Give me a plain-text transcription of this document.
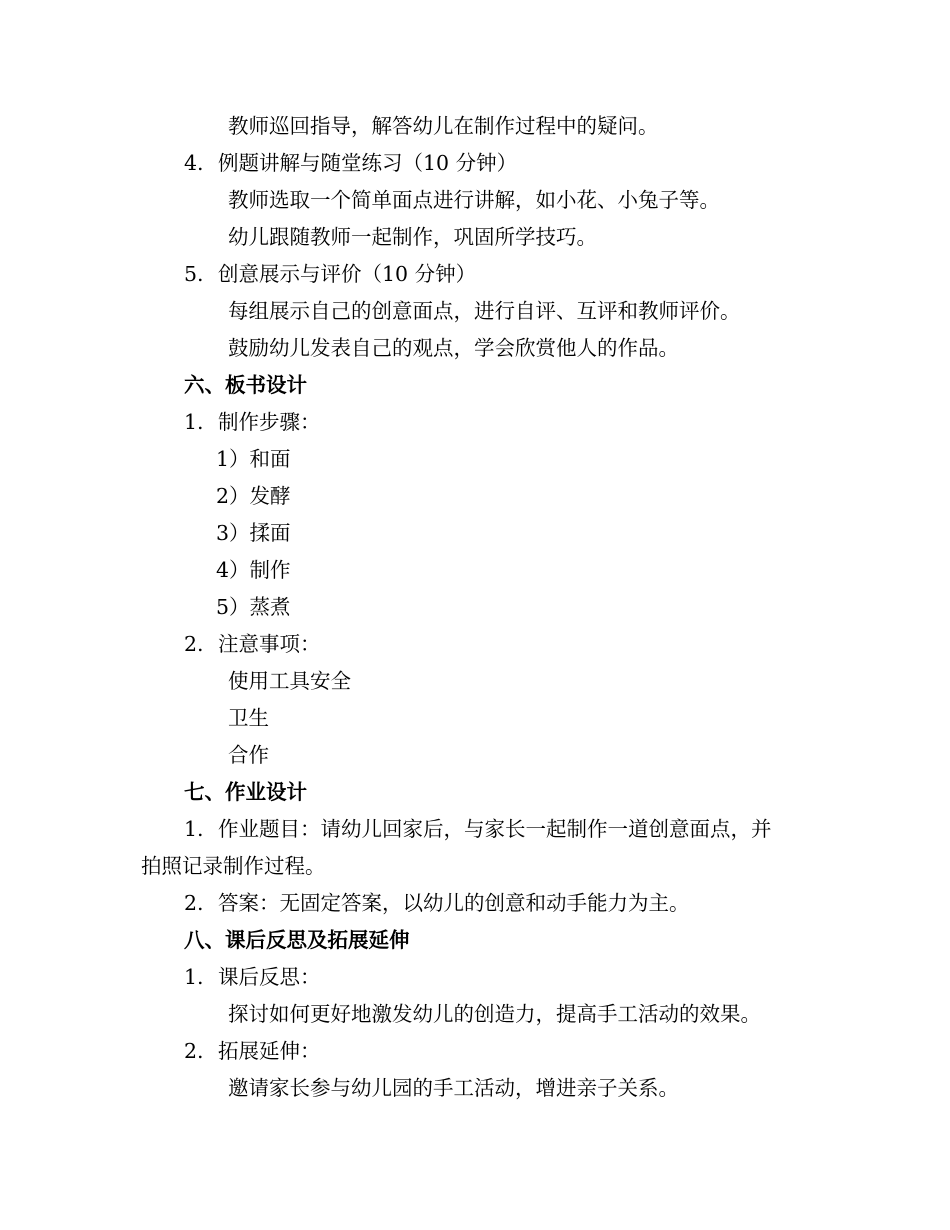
教师巡回指导，解答幼儿在制作过程中的疑问。
4. 例题讲解与随堂练习（10 分钟）
教师选取一个简单面点进行讲解，如小花、小兔子等。
幼儿跟随教师一起制作，巩固所学技巧。
5. 创意展示与评价（10 分钟）
每组展示自己的创意面点，进行自评、互评和教师评价。
鼓励幼儿发表自己的观点，学会欣赏他人的作品。
六、板书设计
1. 制作步骤：
1）和面
2）发酵
3）揉面
4）制作
5）蒸煮
2. 注意事项：
使用工具安全
卫生
合作
七、作业设计
1. 作业题目：请幼儿回家后，与家长一起制作一道创意面点，并
拍照记录制作过程。
2. 答案：无固定答案，以幼儿的创意和动手能力为主。
八、课后反思及拓展延伸
1. 课后反思：
探讨如何更好地激发幼儿的创造力，提高手工活动的效果。
2. 拓展延伸：
邀请家长参与幼儿园的手工活动，增进亲子关系。
